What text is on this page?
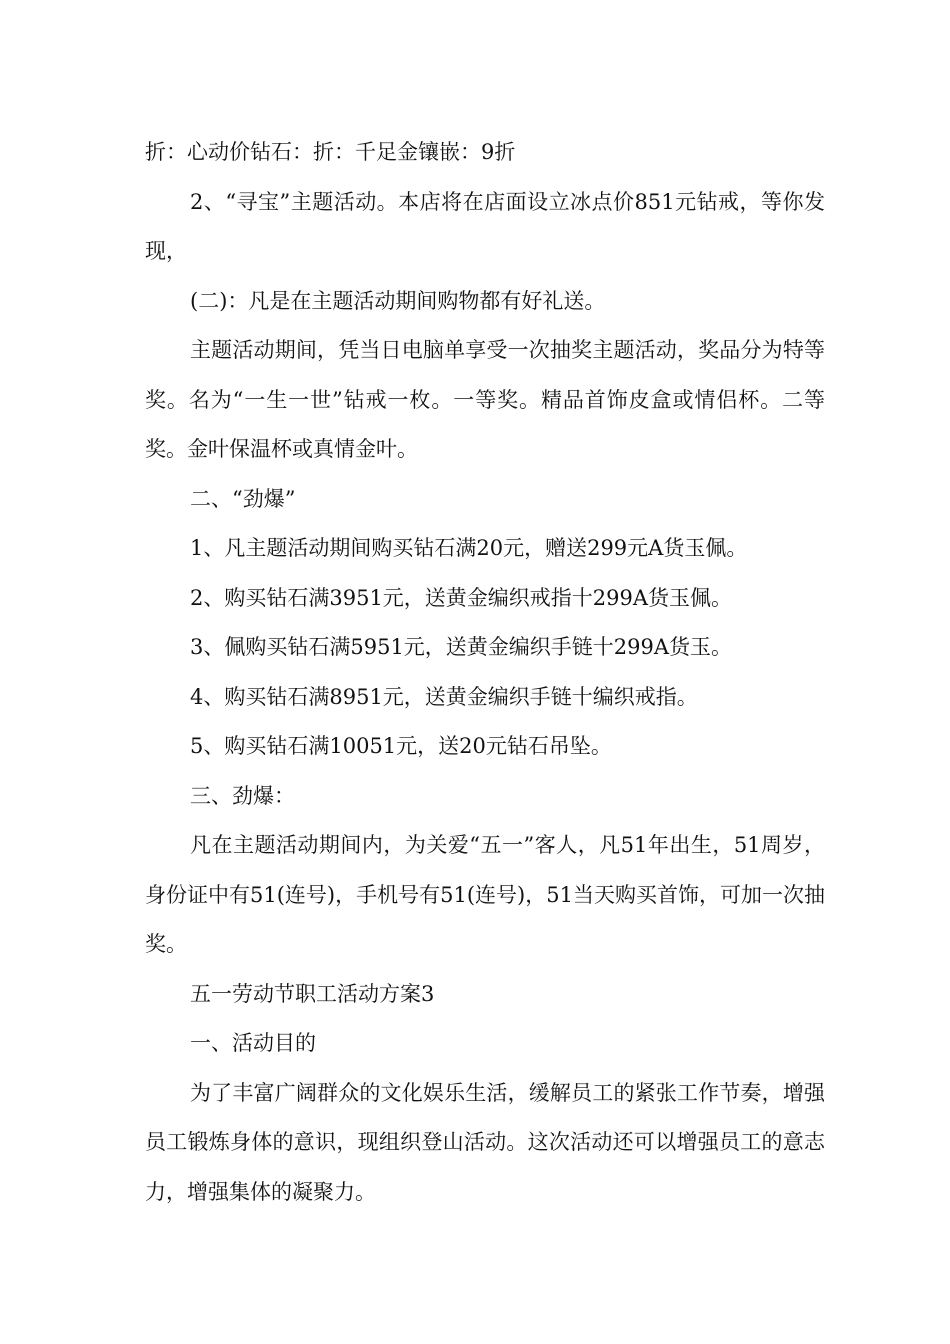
折：心动价钻石：折：千足金镶嵌：9折

2、“寻宝”主题活动。本店将在店面设立冰点价851元钻戒，等你发现，

(二)：凡是在主题活动期间购物都有好礼送。

主题活动期间，凭当日电脑单享受一次抽奖主题活动，奖品分为特等奖。名为“一生一世”钻戒一枚。一等奖。精品首饰皮盒或情侣杯。二等奖。金叶保温杯或真情金叶。

二、“劲爆”

1、凡主题活动期间购买钻石满20元，赠送299元A货玉佩。

2、购买钻石满3951元，送黄金编织戒指十299A货玉佩。

3、佩购买钻石满5951元，送黄金编织手链十299A货玉。

4、购买钻石满8951元，送黄金编织手链十编织戒指。

5、购买钻石满10051元，送20元钻石吊坠。

三、劲爆：

凡在主题活动期间内，为关爱“五一”客人，凡51年出生，51周岁，身份证中有51(连号)，手机号有51(连号)，51当天购买首饰，可加一次抽奖。

五一劳动节职工活动方案3

一、活动目的

为了丰富广阔群众的文化娱乐生活，缓解员工的紧张工作节奏，增强员工锻炼身体的意识，现组织登山活动。这次活动还可以增强员工的意志力，增强集体的凝聚力。
